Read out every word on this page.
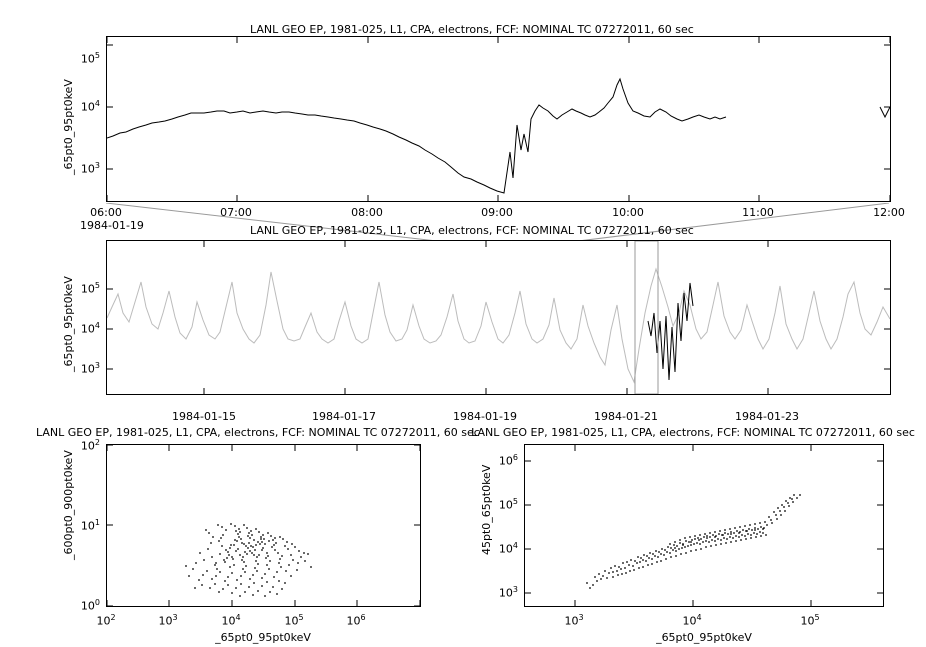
LANL GEO EP, 1981-025, L1, CPA, electrons, FCF: NOMINAL TC 07272011, 60 sec
_65pt0_95pt0keV $10^3$
$10^4$
$10^5$
06:00	07:00	08:00	09:00	10:00	11:00	12:00
1984-01-19	LANL GEO EP, 1981-025, L1, CPA, electrons, FCF: NOMINAL TC 07272011, 60 sec
_65pt0_95pt0keV $10^3$
$10^4$
$10^5$
1984-01-15	1984-01-17	1984-01-19	1984-01-21	1984-01-23
LANL GEO EP, 1981-025, L1, CPA, electrons, FCF: NOMINAL TC 07272011, 60 sec
_600pt0_900pt0keV
$10^0$
$10^1$
$10^2$
$10^2$	$10^3$	$10^4$	$10^5$	$10^6$
_65pt0_95pt0keV
LANL GEO EP, 1981-025, L1, CPA, electrons, FCF: NOMINAL TC 07272011, 60 sec
45pt0_65pt0keV
$10^3$
$10^4$
$10^5$
$10^6$
$10^3$	$10^4$	$10^5$
_65pt0_95pt0keV
